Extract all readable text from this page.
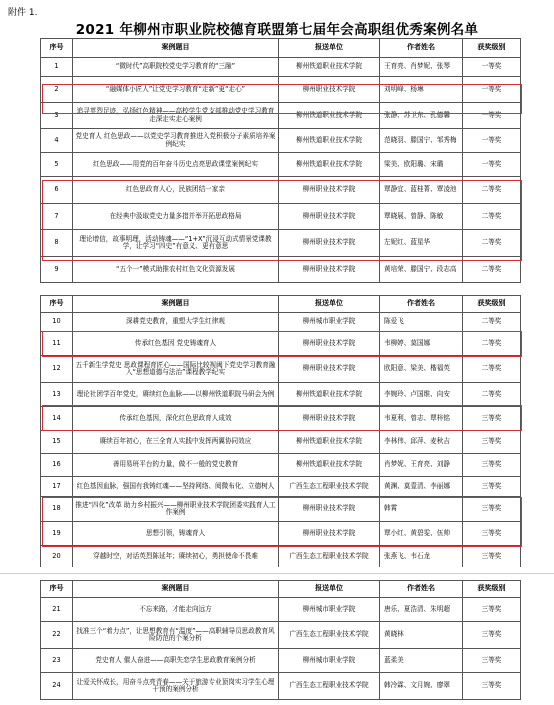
附件 1.
2021 年柳州市职业院校德育联盟第七届年会高职组优秀案例名单
序号	案例题目	报送单位	作者姓名	获奖级别
1	“微时代”高职院校党史学习教育的“三融”	柳州铁道职业技术学院	王育亮、肖梦妮、张琴	一等奖
2	“融媒体小匠人”让党史学习教育“走新”更“走心”	柳州职业技术学院	刘明峰、杨琳	一等奖
3	追寻英烈足迹，弘扬红色精神——高校学生党支部推动党史学习教育走深走实走心案例	柳州铁道职业技术学院	张静、苏卫东、孔德馨	一等奖
4	党史育人 红色思政——以党史学习教育推进入党积极分子素质培养案例纪实	柳州铁道职业技术学院	范晓羽、滕国宁、邹秀梅	一等奖
5	红色思政——用党的百年奋斗历史点亮思政课堂案例纪实	柳州铁道职业技术学院	梁美、欧阳璐、宋璐	一等奖
6	红色思政育人心，民族团结一家亲	柳州职业技术学院	覃静宜、蓝桂菁、覃凌池	二等奖
7	在经典中汲取党史力量多措并举开拓思政格局	柳州职业技术学院	覃晓展、曾静、陈敏	二等奖
8	理论增信，故事明理，活动铸魂——“1+X”沉浸互动式情景党课教学，让学习“四史”有意义、更有意思	柳州职业技术学院	左妮红、蓝星华	二等奖
9	“五个一”模式助推农村红色文化资源发展	柳州职业技术学院	黄培荣、滕国宁、段志高	二等奖
序号	案例题目	报送单位	作者姓名	获奖级别
10	深耕党史教育，重塑大学生红律观	柳州城市职业学院	陈爱飞	二等奖
11	传承红色基因 党史铸魂育人	柳州职业技术学院	韦柳婷、莫国娜	二等奖
12	五千新生学党史 思政课程育匠心——国际比较视阈下党史学习教育融入“思想道德与法治”课程教学纪实	柳州职业技术学院	欧阳意、梁美、楷福英	二等奖
13	理论社团学百年党史，赓续红色血脉——以柳州铁道职院马研会为例	柳州铁道职业技术学院	李婉玲、卢国维、向安	二等奖
14	传承红色基因，深化红色思政育人成效	柳州职业技术学院	韦夏利、曾志、覃梓铭	三等奖
15	赓续百年初心，在三全育人实践中发挥两翼协同效应	柳州铁道职业技术学院	李林伟、邱萍、麦秋吉	三等奖
16	善用易班平台的力量，做不一般的党史教育	柳州铁道职业技术学院	肖梦妮、王育亮、刘静	三等奖
17	红色基因血脉，强国有我铸红魂——坚持网络、阅微布化、立德树人	广西生态工程职业技术学院	黄渊、莫壹清、李丽娜	三等奖
18	推进“四化”改革 助力乡村振兴——柳州职业技术学院团委实践育人工作案例	柳州职业技术学院	韩霄	三等奖
19	思想引领，铸魂育人	柳州职业技术学院	覃小红、黄碧雯、伍帅	三等奖
20	穿越时空，对话英烈陈延年；赓续初心，勇担使命不畏难	广西生态工程职业技术学院	张燕飞、韦石龙	三等奖
序号	案例题目	报送单位	作者姓名	获奖级别
21	不忘来路，才能走向远方	柳州城市职业学院	唐乐、夏浩清、朱明超	三等奖
22	找准三个“着力点”，让思想教育有“温度”——高职辅导员思政教育风险防范的个案分析	广西生态工程职业技术学院	黄晓林	三等奖
23	党史育人 催人奋进——高职失恋学生思政教育案例分析	柳州城市职业学院	蓝柔美	三等奖
24	让爱关怀成长，用奋斗点亮青春——关于旅游专业顶岗实习学生心理干预的案例分析	广西生态工程职业技术学院	韩冷霖、文月婉、廖翠	三等奖
